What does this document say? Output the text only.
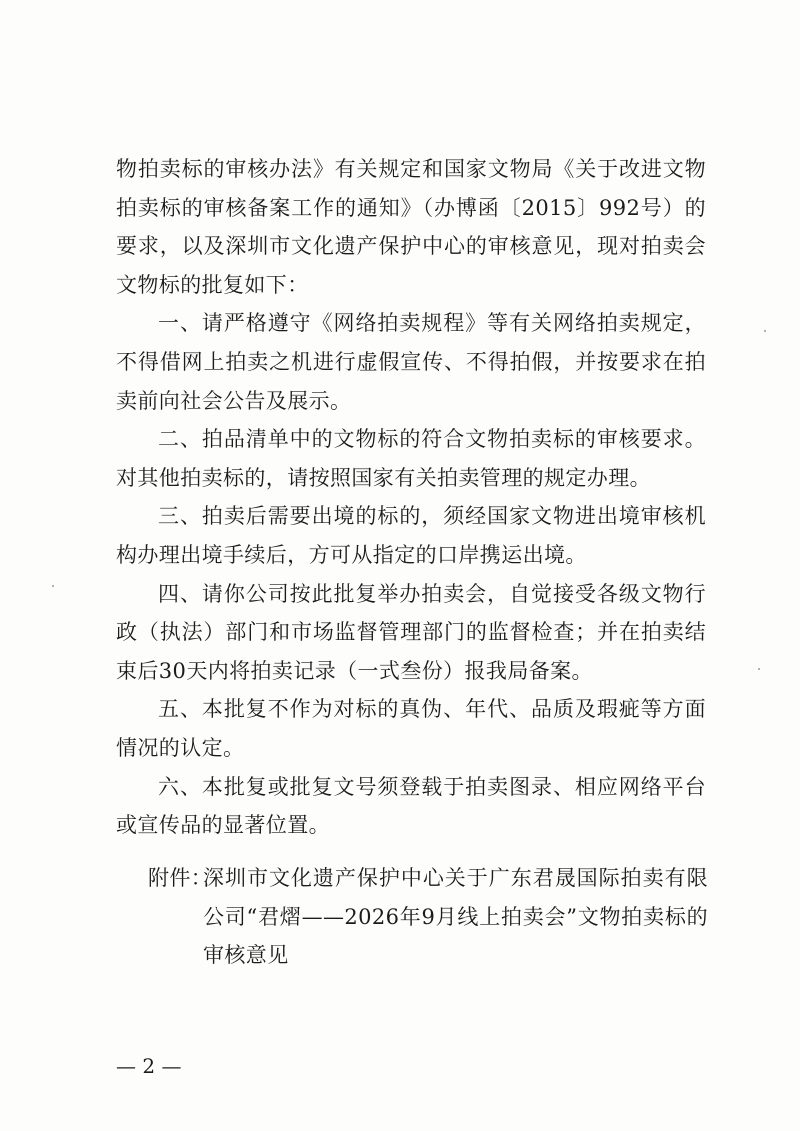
物拍卖标的审核办法》有关规定和国家文物局《关于改进文物拍卖标的审核备案工作的通知》（办博函〔2015〕992号）的要求，以及深圳市文化遗产保护中心的审核意见，现对拍卖会文物标的批复如下：

一、请严格遵守《网络拍卖规程》等有关网络拍卖规定，不得借网上拍卖之机进行虚假宣传、不得拍假，并按要求在拍卖前向社会公告及展示。

二、拍品清单中的文物标的符合文物拍卖标的审核要求。对其他拍卖标的，请按照国家有关拍卖管理的规定办理。

三、拍卖后需要出境的标的，须经国家文物进出境审核机构办理出境手续后，方可从指定的口岸携运出境。

四、请你公司按此批复举办拍卖会，自觉接受各级文物行政（执法）部门和市场监督管理部门的监督检查；并在拍卖结束后30天内将拍卖记录（一式叁份）报我局备案。

五、本批复不作为对标的真伪、年代、品质及瑕疵等方面情况的认定。

六、本批复或批复文号须登载于拍卖图录、相应网络平台或宣传品的显著位置。

附件：
深圳市文化遗产保护中心关于广东君晟国际拍卖有限公司“君熠——2026年9月线上拍卖会”文物拍卖标的审核意见
— 2 —
